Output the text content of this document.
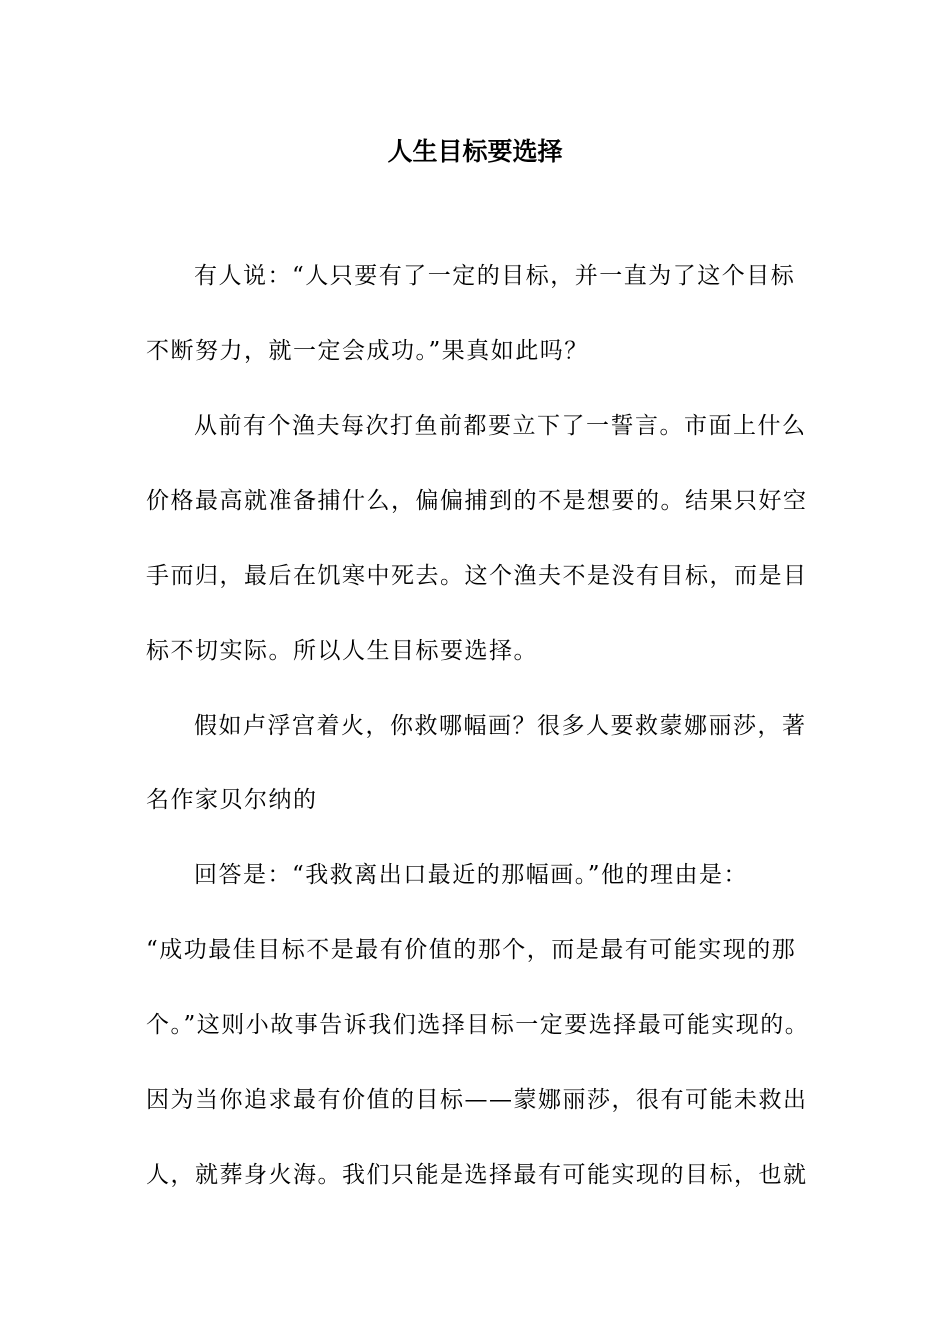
人生目标要选择
有人说：“人只要有了一定的目标，并一直为了这个目标
不断努力，就一定会成功。”果真如此吗？
从前有个渔夫每次打鱼前都要立下了一誓言。市面上什么
价格最高就准备捕什么，偏偏捕到的不是想要的。结果只好空
手而归，最后在饥寒中死去。这个渔夫不是没有目标，而是目
标不切实际。所以人生目标要选择。
假如卢浮宫着火，你救哪幅画？很多人要救蒙娜丽莎，著
名作家贝尔纳的
回答是：“我救离出口最近的那幅画。”他的理由是：
“成功最佳目标不是最有价值的那个，而是最有可能实现的那
个。”这则小故事告诉我们选择目标一定要选择最可能实现的。
因为当你追求最有价值的目标——蒙娜丽莎，很有可能未救出
人，就葬身火海。我们只能是选择最有可能实现的目标，也就
